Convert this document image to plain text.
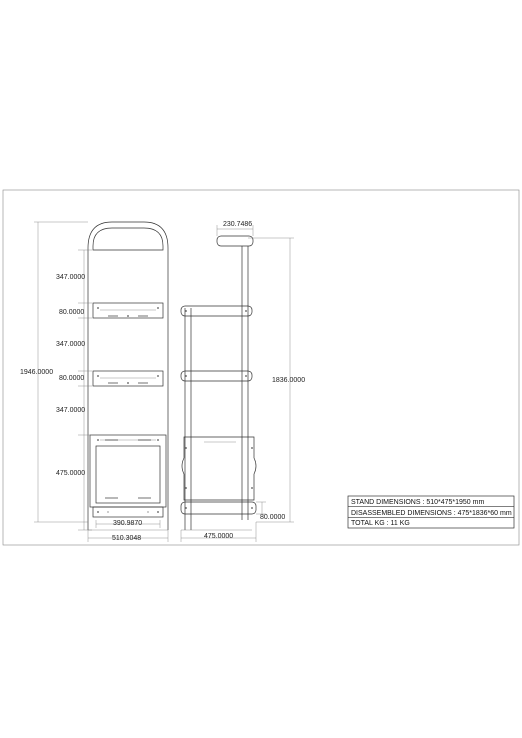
347.0000
80.0000
347.0000
80.0000
347.0000
475.0000
1946.0000
390.9870
510.3048
230.7486
1836.0000
80.0000
475.0000
STAND DIMENSIONS : 510*475*1950 mm
DISASSEMBLED DIMENSIONS : 475*1836*60 mm
TOTAL KG : 11 KG
